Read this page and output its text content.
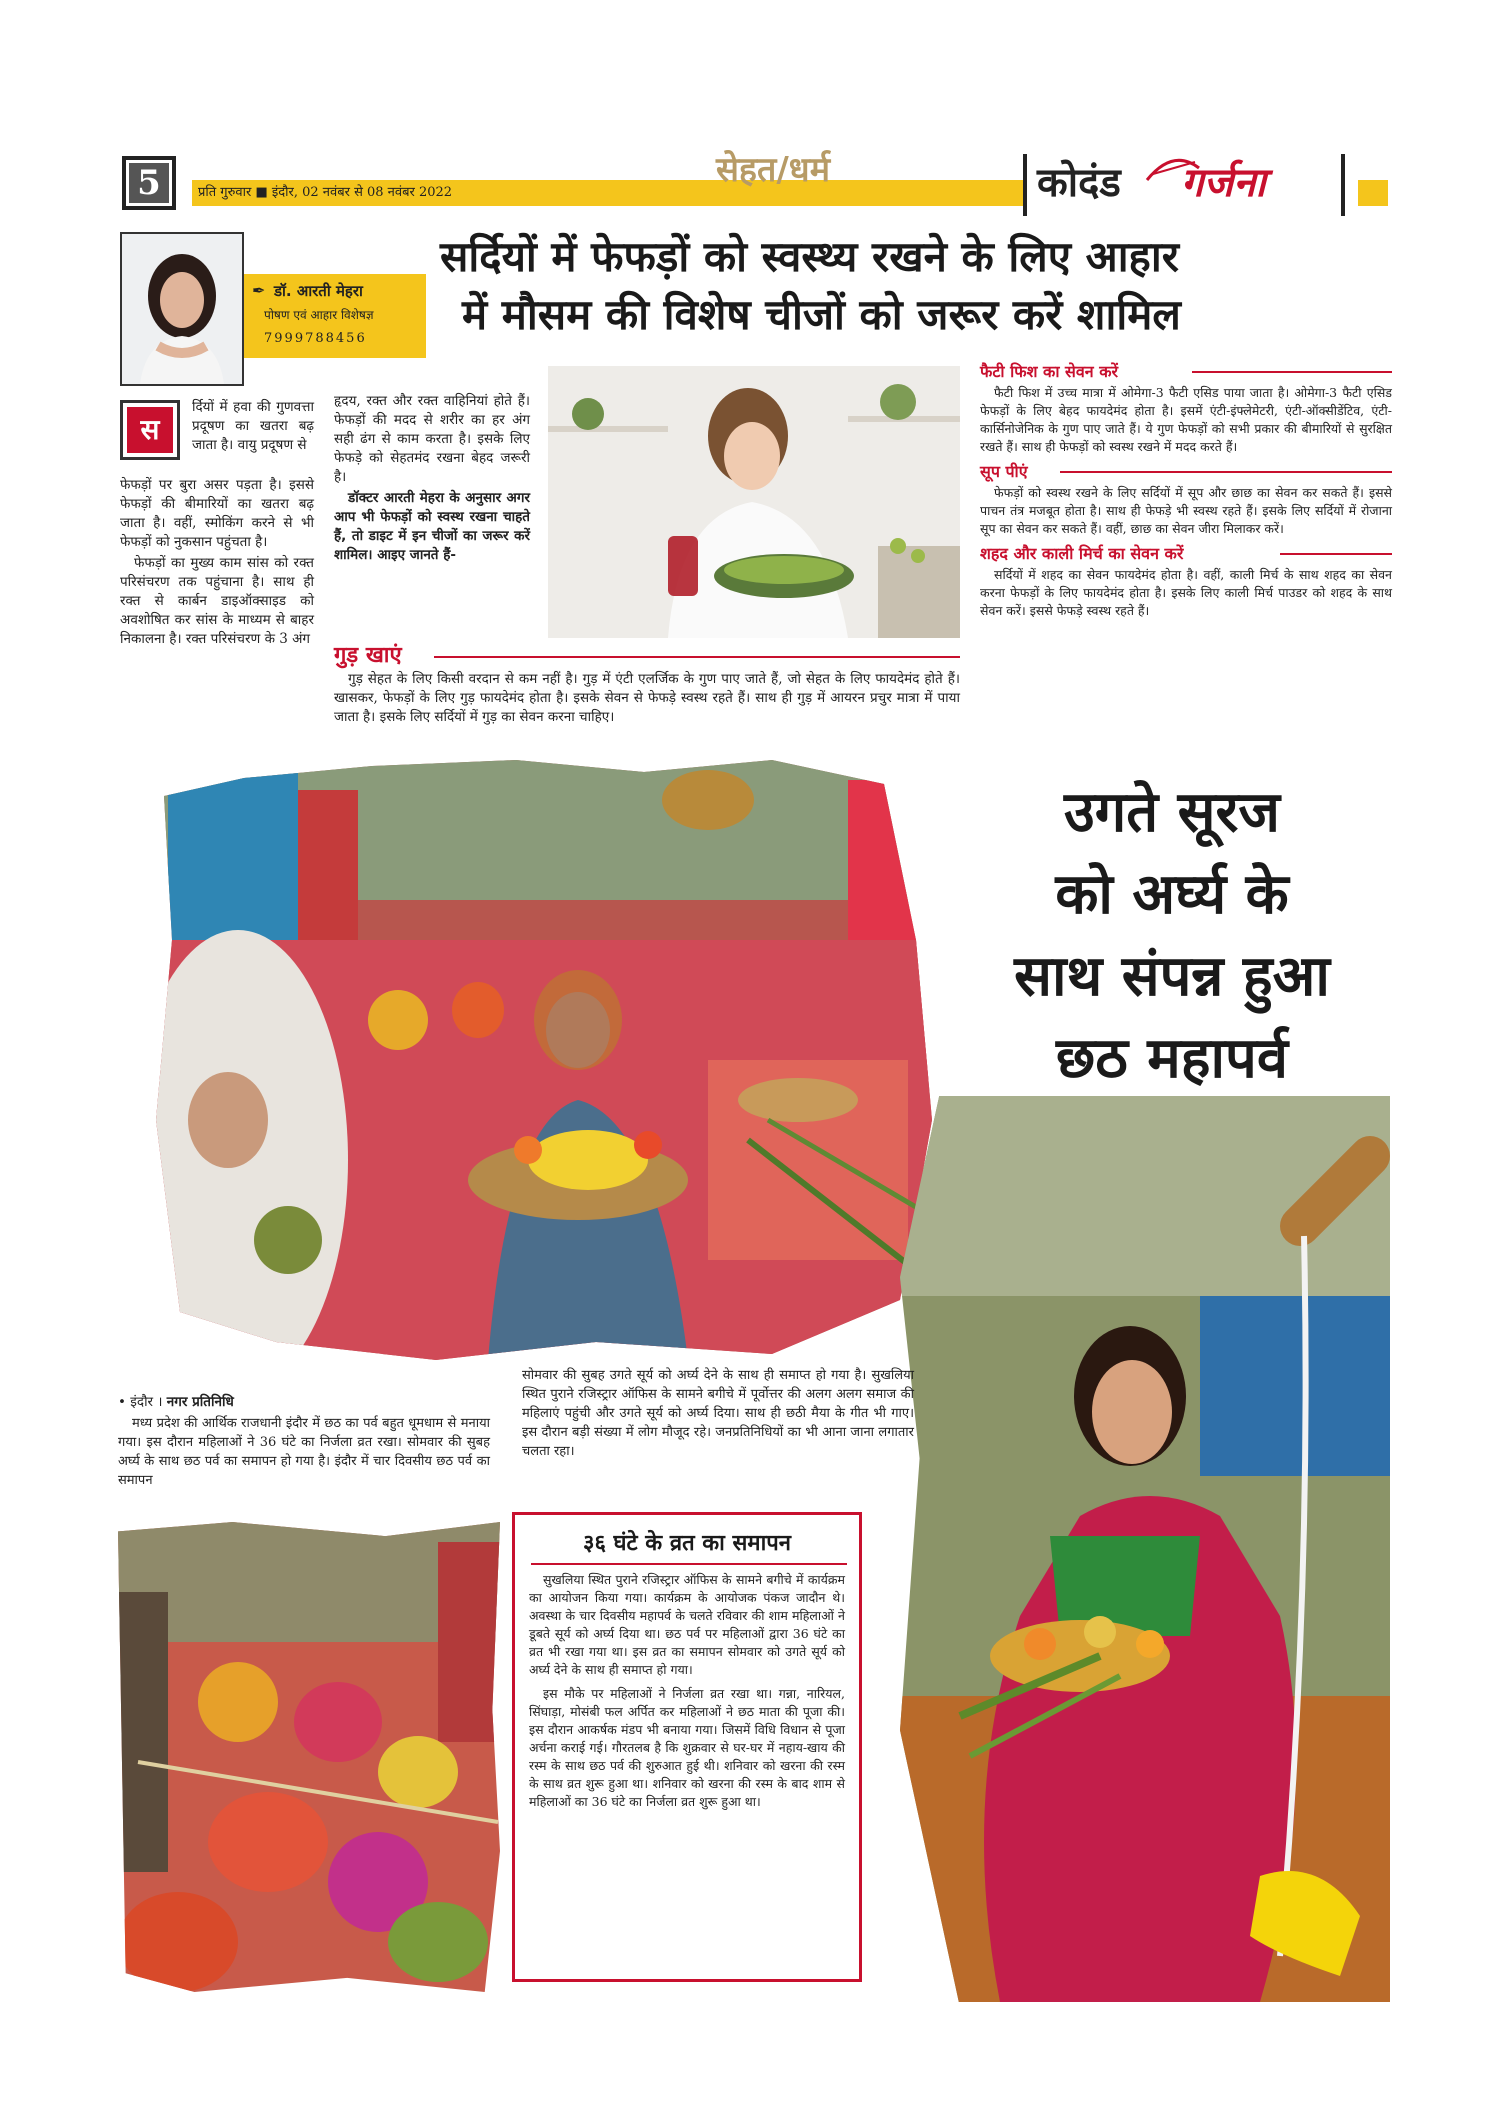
5	प्रति गुरुवार ■ इंदौर, 02 नवंबर से 08 नवंबर 2022
सेहत/धर्म	कोदंड गर्जना
✒ डॉ. आरती मेहरा
पोषण एवं आहार विशेषज्ञ
7999788456
सर्दियों में फेफड़ों को स्वस्थ्य रखने के लिए आहार
में मौसम की विशेष चीजों को जरूर करें शामिल
स

र्दियों में हवा की गुणवत्ता प्रदूषण का खतरा बढ़ जाता है। वायु प्रदूषण से

फेफड़ों पर बुरा असर पड़ता है। इससे फेफड़ों की बीमारियों का खतरा बढ़ जाता है। वहीं, स्मोकिंग करने से भी फेफड़ों को नुकसान पहुंचता है।

फेफड़ों का मुख्य काम सांस को रक्त परिसंचरण तक पहुंचाना है। साथ ही रक्त से कार्बन डाइऑक्साइड को अवशोषित कर सांस के माध्यम से बाहर निकालना है। रक्त परिसंचरण के 3 अंग

हृदय, रक्त और रक्त वाहिनियां होते हैं। फेफड़ों की मदद से शरीर का हर अंग सही ढंग से काम करता है। इसके लिए फेफड़े को सेहतमंद रखना बेहद जरूरी है।

डॉक्टर आरती मेहरा के अनुसार अगर आप भी फेफड़ों को स्वस्थ रखना चाहते हैं, तो डाइट में इन चीजों का जरूर करें शामिल। आइए जानते हैं-

गुड़ खाएं

गुड़ सेहत के लिए किसी वरदान से कम नहीं है। गुड़ में एंटी एलर्जिक के गुण पाए जाते हैं, जो सेहत के लिए फायदेमंद होते हैं। खासकर, फेफड़ों के लिए गुड़ फायदेमंद होता है। इसके सेवन से फेफड़े स्वस्थ रहते हैं। साथ ही गुड़ में आयरन प्रचुर मात्रा में पाया जाता है। इसके लिए सर्दियों में गुड़ का सेवन करना चाहिए।

फैटी फिश का सेवन करें

फैटी फिश में उच्च मात्रा में ओमेगा-3 फैटी एसिड पाया जाता है। ओमेगा-3 फैटी एसिड फेफड़ों के लिए बेहद फायदेमंद होता है। इसमें एंटी-इंफ्लेमेटरी, एंटी-ऑक्सीडेंटिव, एंटी-कार्सिनोजेनिक के गुण पाए जाते हैं। ये गुण फेफड़ों को सभी प्रकार की बीमारियों से सुरक्षित रखते हैं। साथ ही फेफड़ों को स्वस्थ रखने में मदद करते हैं।

सूप पीएं

फेफड़ों को स्वस्थ रखने के लिए सर्दियों में सूप और छाछ का सेवन कर सकते हैं। इससे पाचन तंत्र मजबूत होता है। साथ ही फेफड़े भी स्वस्थ रहते हैं। इसके लिए सर्दियों में रोजाना सूप का सेवन कर सकते हैं। वहीं, छाछ का सेवन जीरा मिलाकर करें।

शहद और काली मिर्च का सेवन करें

सर्दियों में शहद का सेवन फायदेमंद होता है। वहीं, काली मिर्च के साथ शहद का सेवन करना फेफड़ों के लिए फायदेमंद होता है। इसके लिए काली मिर्च पाउडर को शहद के साथ सेवन करें। इससे फेफड़े स्वस्थ रहते हैं।

उगते सूरज
को अर्घ्य के
साथ संपन्न हुआ
छठ महापर्व
• इंदौर । नगर प्रतिनिधि

मध्य प्रदेश की आर्थिक राजधानी इंदौर में छठ का पर्व बहुत धूमधाम से मनाया गया। इस दौरान महिलाओं ने 36 घंटे का निर्जला व्रत रखा। सोमवार की सुबह अर्घ्य के साथ छठ पर्व का समापन हो गया है। इंदौर में चार दिवसीय छठ पर्व का समापन

सोमवार की सुबह उगते सूर्य को अर्घ्य देने के साथ ही समाप्त हो गया है। सुखलिया स्थित पुराने रजिस्ट्रार ऑफिस के सामने बगीचे में पूर्वोत्तर की अलग अलग समाज की महिलाएं पहुंची और उगते सूर्य को अर्घ्य दिया। साथ ही छठी मैया के गीत भी गाए। इस दौरान बड़ी संख्या में लोग मौजूद रहे। जनप्रतिनिधियों का भी आना जाना लगातार चलता रहा।

३६ घंटे के व्रत का समापन

सुखलिया स्थित पुराने रजिस्ट्रार ऑफिस के सामने बगीचे में कार्यक्रम का आयोजन किया गया। कार्यक्रम के आयोजक पंकज जादौन थे। अवस्था के चार दिवसीय महापर्व के चलते रविवार की शाम महिलाओं ने डूबते सूर्य को अर्घ्य दिया था। छठ पर्व पर महिलाओं द्वारा 36 घंटे का व्रत भी रखा गया था। इस व्रत का समापन सोमवार को उगते सूर्य को अर्घ्य देने के साथ ही समाप्त हो गया।

इस मौके पर महिलाओं ने निर्जला व्रत रखा था। गन्ना, नारियल, सिंघाड़ा, मोसंबी फल अर्पित कर महिलाओं ने छठ माता की पूजा की। इस दौरान आकर्षक मंडप भी बनाया गया। जिसमें विधि विधान से पूजा अर्चना कराई गई। गौरतलब है कि शुक्रवार से घर-घर में नहाय-खाय की रस्म के साथ छठ पर्व की शुरुआत हुई थी। शनिवार को खरना की रस्म के साथ व्रत शुरू हुआ था। शनिवार को खरना की रस्म के बाद शाम से महिलाओं का 36 घंटे का निर्जला व्रत शुरू हुआ था।
